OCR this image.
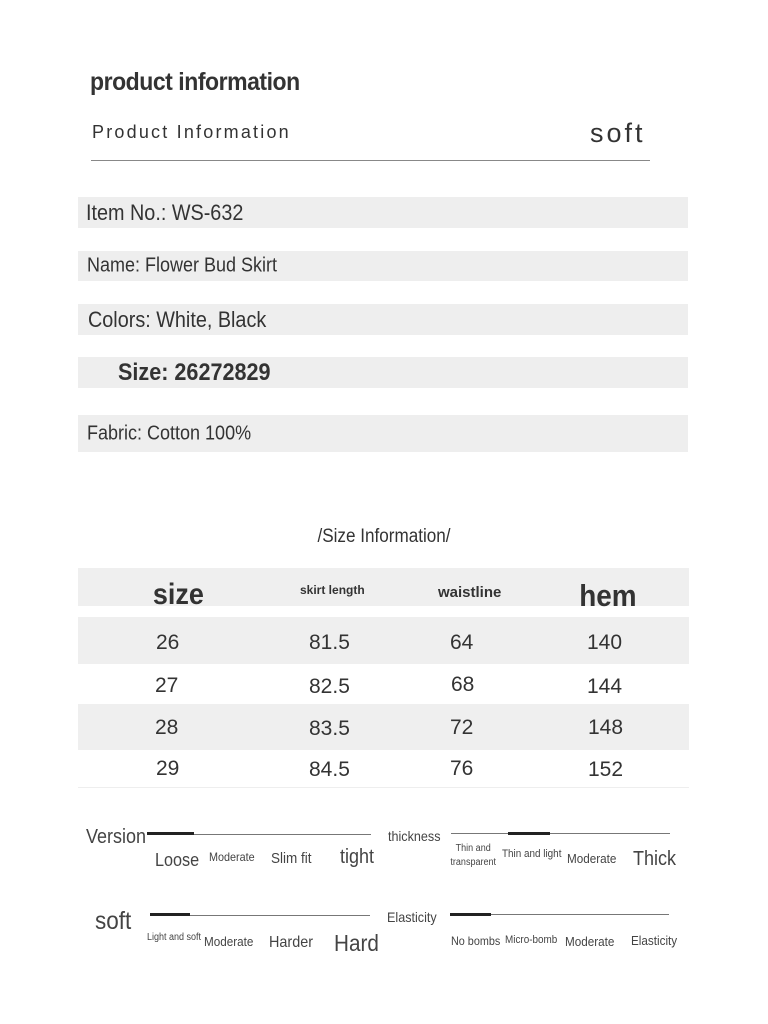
product information
Product Information	soft
Item No.: WS-632
Name: Flower Bud Skirt
Colors: White, Black
Size: 26272829
Fabric: Cotton 100%
/Size Information/
size	skirt length	waistline	hem
26	81.5	64	140
27	82.5	68	144
28	83.5	72	148
29	84.5	76	152
Version
Loose Moderate Slim fit tight
thickness
Thin and transparent
Thin and light Moderate Thick
soft
Light and soft Moderate Harder Hard
Elasticity
No bombs Micro-bomb Moderate Elasticity
